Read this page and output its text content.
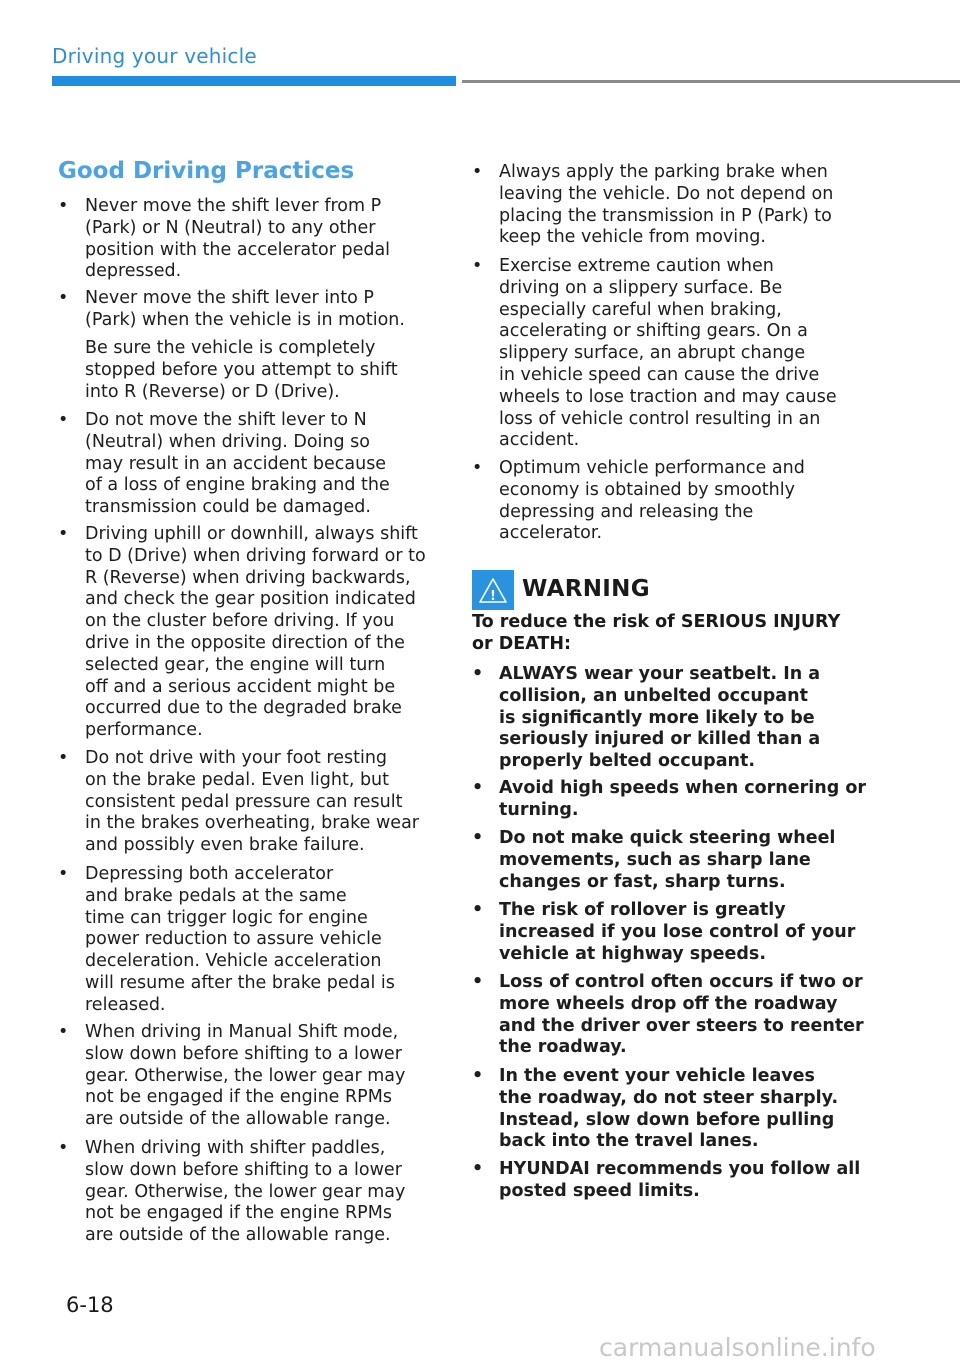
Driving your vehicle
Good Driving Practices
• Never move the shift lever from P
(Park) or N (Neutral) to any other
position with the accelerator pedal
depressed.
• Never move the shift lever into P
(Park) when the vehicle is in motion.
Be sure the vehicle is completely
stopped before you attempt to shift
into R (Reverse) or D (Drive).
• Do not move the shift lever to N
(Neutral) when driving. Doing so
may result in an accident because
of a loss of engine braking and the
transmission could be damaged.
• Driving uphill or downhill, always shift
to D (Drive) when driving forward or to
R (Reverse) when driving backwards,
and check the gear position indicated
on the cluster before driving. If you
drive in the opposite direction of the
selected gear, the engine will turn
off and a serious accident might be
occurred due to the degraded brake
performance.
• Do not drive with your foot resting
on the brake pedal. Even light, but
consistent pedal pressure can result
in the brakes overheating, brake wear
and possibly even brake failure.
• Depressing both accelerator
and brake pedals at the same
time can trigger logic for engine
power reduction to assure vehicle
deceleration. Vehicle acceleration
will resume after the brake pedal is
released.
• When driving in Manual Shift mode,
slow down before shifting to a lower
gear. Otherwise, the lower gear may
not be engaged if the engine RPMs
are outside of the allowable range.
• When driving with shifter paddles,
slow down before shifting to a lower
gear. Otherwise, the lower gear may
not be engaged if the engine RPMs
are outside of the allowable range.
• Always apply the parking brake when
leaving the vehicle. Do not depend on
placing the transmission in P (Park) to
keep the vehicle from moving.
• Exercise extreme caution when
driving on a slippery surface. Be
especially careful when braking,
accelerating or shifting gears. On a
slippery surface, an abrupt change
in vehicle speed can cause the drive
wheels to lose traction and may cause
loss of vehicle control resulting in an
accident.
• Optimum vehicle performance and
economy is obtained by smoothly
depressing and releasing the
accelerator.
! WARNING
To reduce the risk of SERIOUS INJURY
or DEATH:
• ALWAYS wear your seatbelt. In a
collision, an unbelted occupant
is significantly more likely to be
seriously injured or killed than a
properly belted occupant.
• Avoid high speeds when cornering or
turning.
• Do not make quick steering wheel
movements, such as sharp lane
changes or fast, sharp turns.
• The risk of rollover is greatly
increased if you lose control of your
vehicle at highway speeds.
• Loss of control often occurs if two or
more wheels drop off the roadway
and the driver over steers to reenter
the roadway.
• In the event your vehicle leaves
the roadway, do not steer sharply.
Instead, slow down before pulling
back into the travel lanes.
• HYUNDAI recommends you follow all
posted speed limits.
6-18
carmanualsonline.info
